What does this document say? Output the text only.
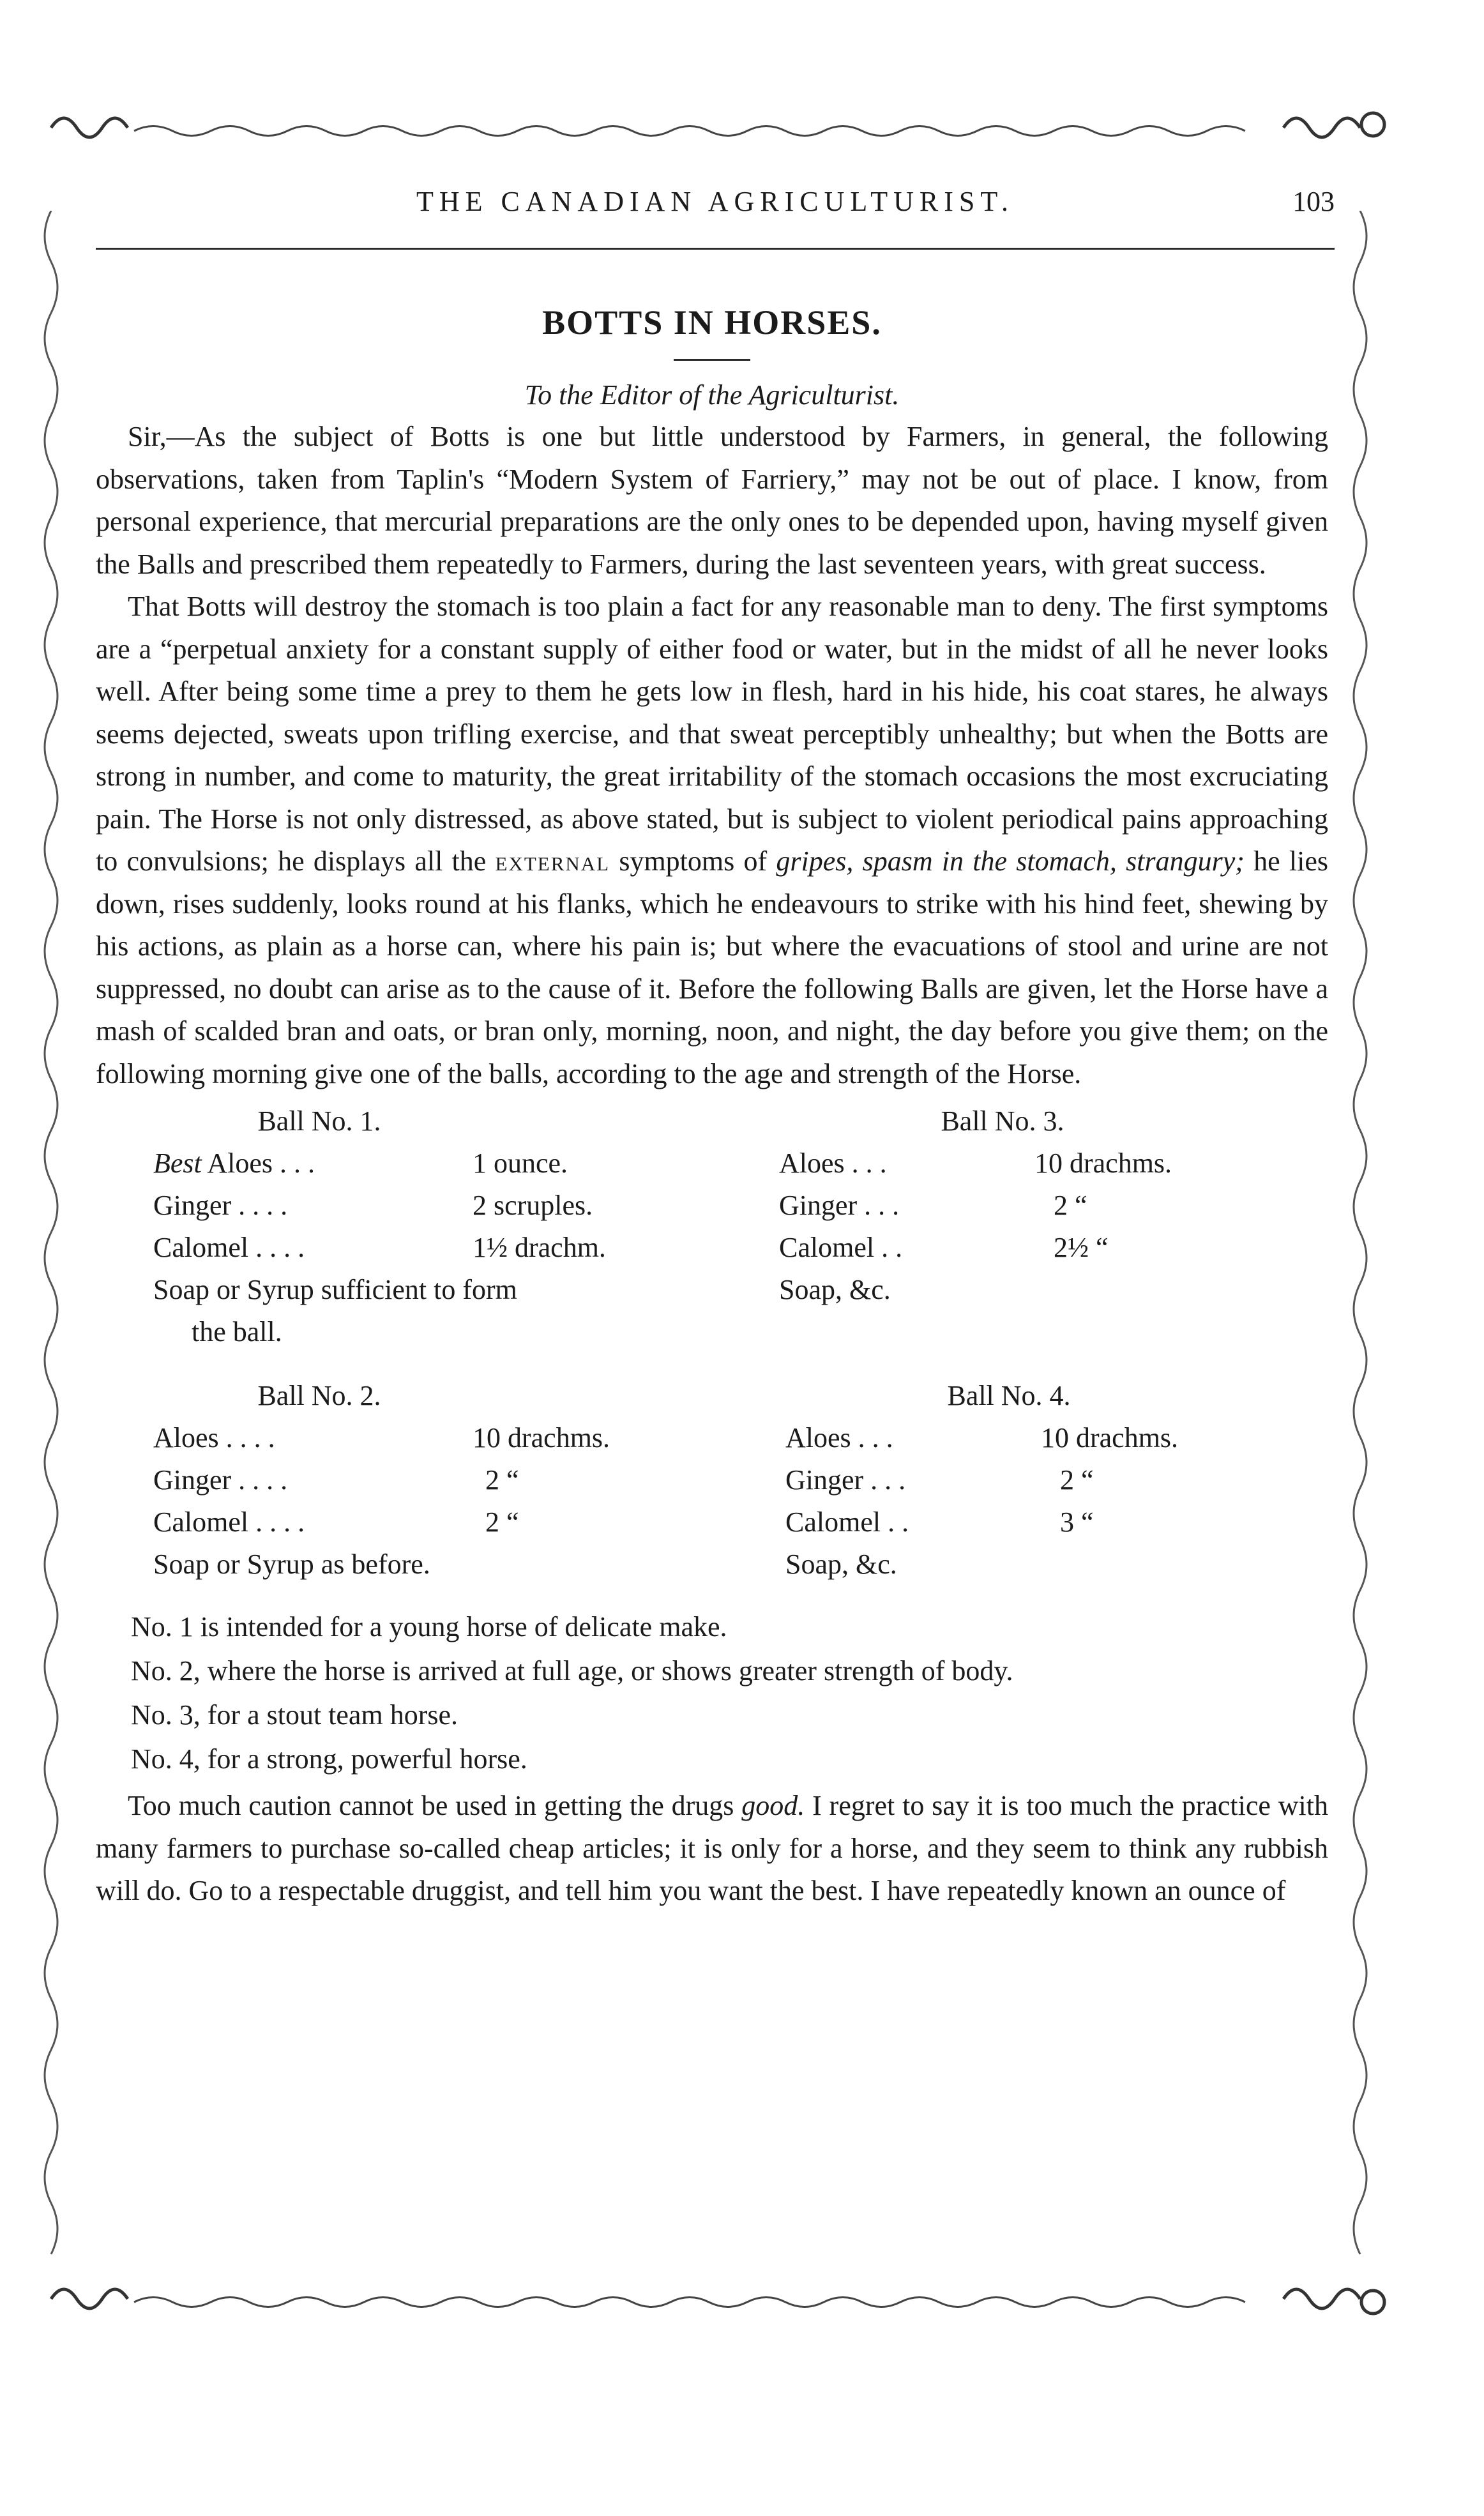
THE CANADIAN AGRICULTURIST.	103
BOTTS IN HORSES.

To the Editor of the Agriculturist.

Sir,—As the subject of Botts is one but little understood by Farmers, in general, the following observations, taken from Taplin's “Modern System of Farriery,” may not be out of place. I know, from personal experience, that mercurial preparations are the only ones to be depended upon, having myself given the Balls and prescribed them repeatedly to Farmers, during the last seventeen years, with great success.

That Botts will destroy the stomach is too plain a fact for any reasonable man to deny. The first symptoms are a “perpetual anxiety for a constant supply of either food or water, but in the midst of all he never looks well. After being some time a prey to them he gets low in flesh, hard in his hide, his coat stares, he always seems dejected, sweats upon trifling exercise, and that sweat perceptibly unhealthy; but when the Botts are strong in number, and come to maturity, the great irritability of the stomach occasions the most excruciating pain. The Horse is not only distressed, as above stated, but is subject to violent periodical pains approaching to convulsions; he displays all the external symptoms of gripes, spasm in the stomach, strangury; he lies down, rises suddenly, looks round at his flanks, which he endeavours to strike with his hind feet, shewing by his actions, as plain as a horse can, where his pain is; but where the evacuations of stool and urine are not suppressed, no doubt can arise as to the cause of it. Before the following Balls are given, let the Horse have a mash of scalded bran and oats, or bran only, morning, noon, and night, the day before you give them; on the following morning give one of the balls, according to the age and strength of the Horse.

Ball No. 1.
Best Aloes . . .	1 ounce.
Ginger . . . .	2 scruples.
Calomel . . . .	1½ drachm.
Soap or Syrup sufficient to form
the ball.
Ball No. 3.
Aloes . . .	10 drachms.
Ginger . . .	2 “
Calomel . .	2½ “
Soap, &c.
Ball No. 2.
Aloes . . . .	10 drachms.
Ginger . . . .	2 “
Calomel . . . .	2 “
Soap or Syrup as before.
Ball No. 4.
Aloes . . .	10 drachms.
Ginger . . .	2 “
Calomel . .	3 “
Soap, &c.

No. 1 is intended for a young horse of delicate make.

No. 2, where the horse is arrived at full age, or shows greater strength of body.

No. 3, for a stout team horse.

No. 4, for a strong, powerful horse.

Too much caution cannot be used in getting the drugs good. I regret to say it is too much the practice with many farmers to purchase so-called cheap articles; it is only for a horse, and they seem to think any rubbish will do. Go to a respectable druggist, and tell him you want the best. I have repeatedly known an ounce of
